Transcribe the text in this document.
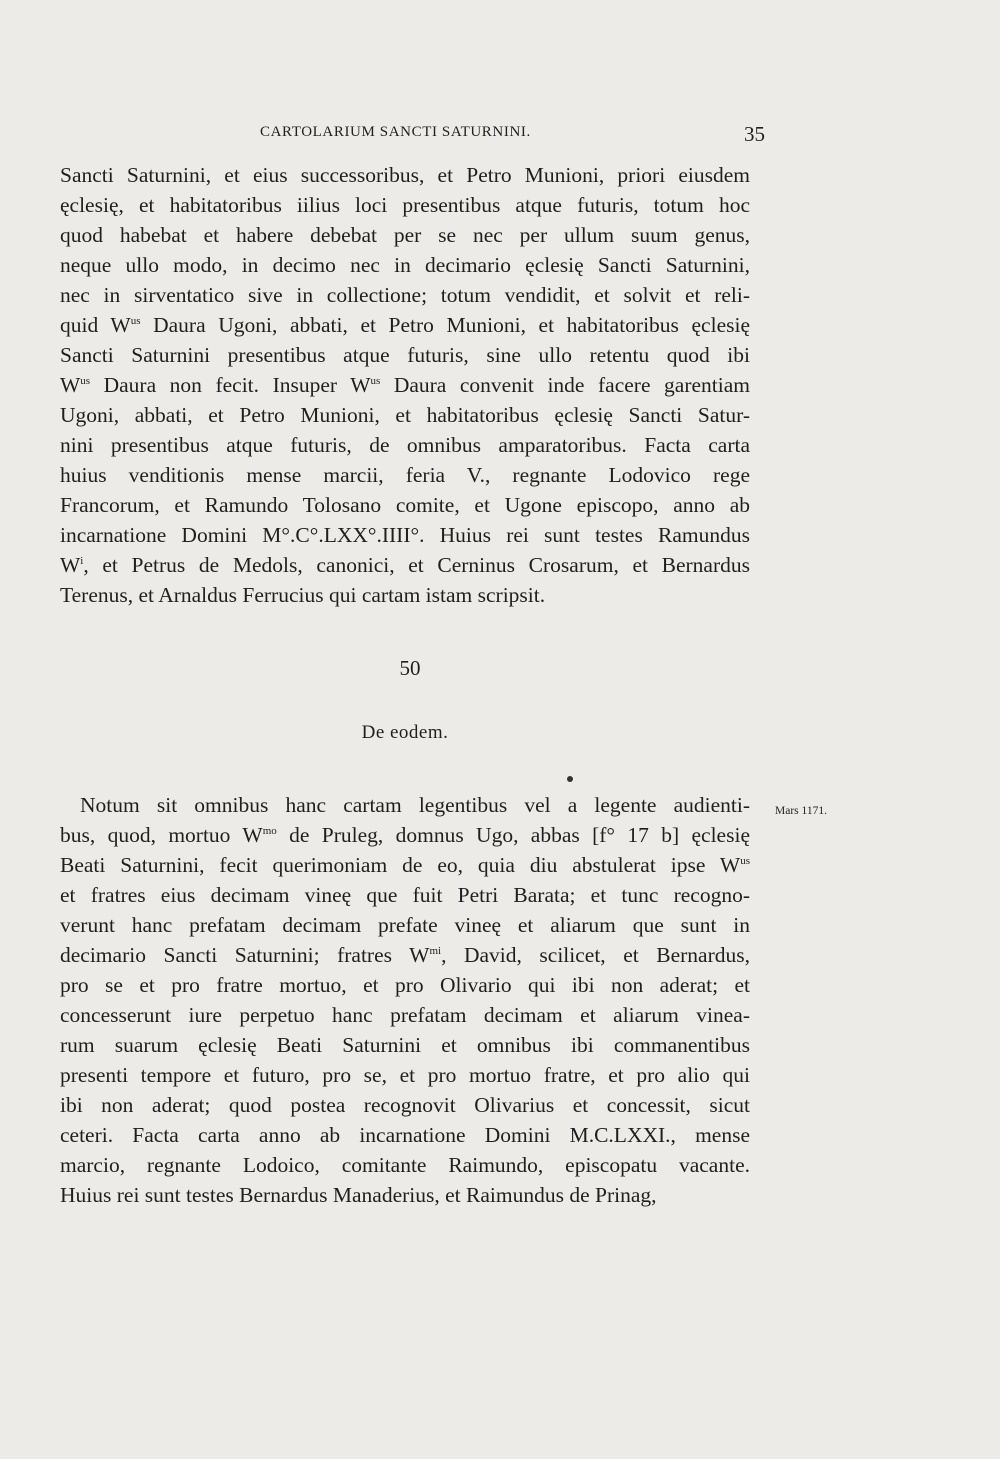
CARTOLARIUM SANCTI SATURNINI.	35
Sancti Saturnini, et eius successoribus, et Petro Munioni, priori eiusdem
ęclesię, et habitatoribus iilius loci presentibus atque futuris, totum hoc
quod habebat et habere debebat per se nec per ullum suum genus,
neque ullo modo, in decimo nec in decimario ęclesię Sancti Saturnini,
nec in sirventatico sive in collectione; totum vendidit, et solvit et reli-
quid $W^{us}$ Daura Ugoni, abbati, et Petro Munioni, et habitatoribus ęclesię
Sancti Saturnini presentibus atque futuris, sine ullo retentu quod ibi
$W^{us}$ Daura non fecit. Insuper $W^{us}$ Daura convenit inde facere garentiam
Ugoni, abbati, et Petro Munioni, et habitatoribus ęclesię Sancti Satur-
nini presentibus atque futuris, de omnibus amparatoribus. Facta carta
huius venditionis mense marcii, feria V., regnante Lodovico rege
Francorum, et Ramundo Tolosano comite, et Ugone episcopo, anno ab
incarnatione Domini M°.C°.LXX°.IIII°. Huius rei sunt testes Ramundus
$W^i$, et Petrus de Medols, canonici, et Cerninus Crosarum, et Bernardus
Terenus, et Arnaldus Ferrucius qui cartam istam scripsit.
50
De eodem.
Mars 1171.
Notum sit omnibus hanc cartam legentibus vel a legente audienti-
bus, quod, mortuo $W^{mo}$ de Pruleg, domnus Ugo, abbas [f° 17 b] ęclesię
Beati Saturnini, fecit querimoniam de eo, quia diu abstulerat ipse $W^{us}$
et fratres eius decimam vineę que fuit Petri Barata; et tunc recogno-
verunt hanc prefatam decimam prefate vineę et aliarum que sunt in
decimario Sancti Saturnini; fratres $W^{mi}$, David, scilicet, et Bernardus,
pro se et pro fratre mortuo, et pro Olivario qui ibi non aderat; et
concesserunt iure perpetuo hanc prefatam decimam et aliarum vinea-
rum suarum ęclesię Beati Saturnini et omnibus ibi commanentibus
presenti tempore et futuro, pro se, et pro mortuo fratre, et pro alio qui
ibi non aderat; quod postea recognovit Olivarius et concessit, sicut
ceteri. Facta carta anno ab incarnatione Domini M.C.LXXI., mense
marcio, regnante Lodoico, comitante Raimundo, episcopatu vacante.
Huius rei sunt testes Bernardus Manaderius, et Raimundus de Prinag,
